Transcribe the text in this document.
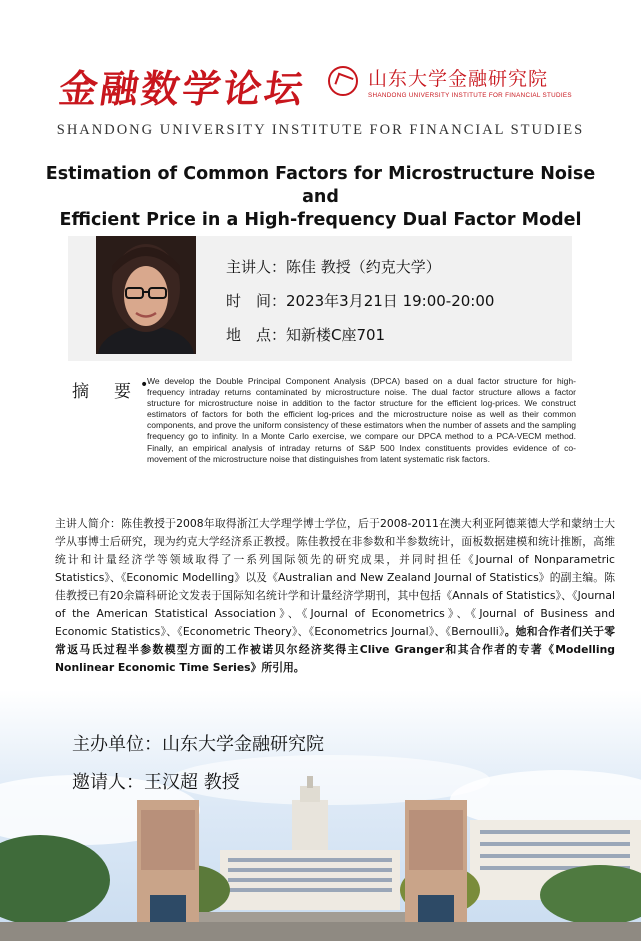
金融数学论坛	山东大学金融研究院
SHANDONG UNIVERSITY INSTITUTE FOR FINANCIAL STUDIES
SHANDONG UNIVERSITY INSTITUTE FOR FINANCIAL STUDIES
Estimation of Common Factors for Microstructure Noise and
Efficient Price in a High-frequency Dual Factor Model
主讲人：陈佳 教授（约克大学）
时　间：2023年3月21日 19:00-20:00
地　点：知新楼C座701
摘　要 •
We develop the Double Principal Component Analysis (DPCA) based on a dual factor structure for high-frequency intraday returns contaminated by microstructure noise. The dual factor structure allows a factor structure for microstructure noise in addition to the factor structure for the efficient log-prices. We construct estimators of factors for both the efficient log-prices and the microstructure noise as well as their common components, and prove the uniform consistency of these estimators when the number of assets and the sampling frequency go to infinity. In a Monte Carlo exercise, we compare our DPCA method to a PCA-VECM method. Finally, an empirical analysis of intraday returns of S&P 500 Index constituents provides evidence of co-movement of the microstructure noise that distinguishes from latent systematic risk factors.
主讲人简介：陈佳教授于2008年取得浙江大学理学博士学位，后于2008-2011在澳大利亚阿德莱德大学和蒙纳士大学从事博士后研究，现为约克大学经济系正教授。陈佳教授在非参数和半参数统计，面板数据建模和统计推断，高维统计和计量经济学等领域取得了一系列国际领先的研究成果，并同时担任《Journal of Nonparametric Statistics》、《Economic Modelling》以及《Australian and New Zealand Journal of Statistics》的副主编。陈佳教授已有20余篇科研论文发表于国际知名统计学和计量经济学期刊，其中包括《Annals of Statistics》、《Journal of the American Statistical Association》、《Journal of Econometrics》、《Journal of Business and Economic Statistics》、《Econometric Theory》、《Econometrics Journal》、《Bernoulli》。她和合作者们关于零常返马氏过程半参数模型方面的工作被诺贝尔经济奖得主Clive Granger和其合作者的专著《Modelling Nonlinear Economic Time Series》所引用。
主办单位：山东大学金融研究院
邀请人：王汉超 教授
